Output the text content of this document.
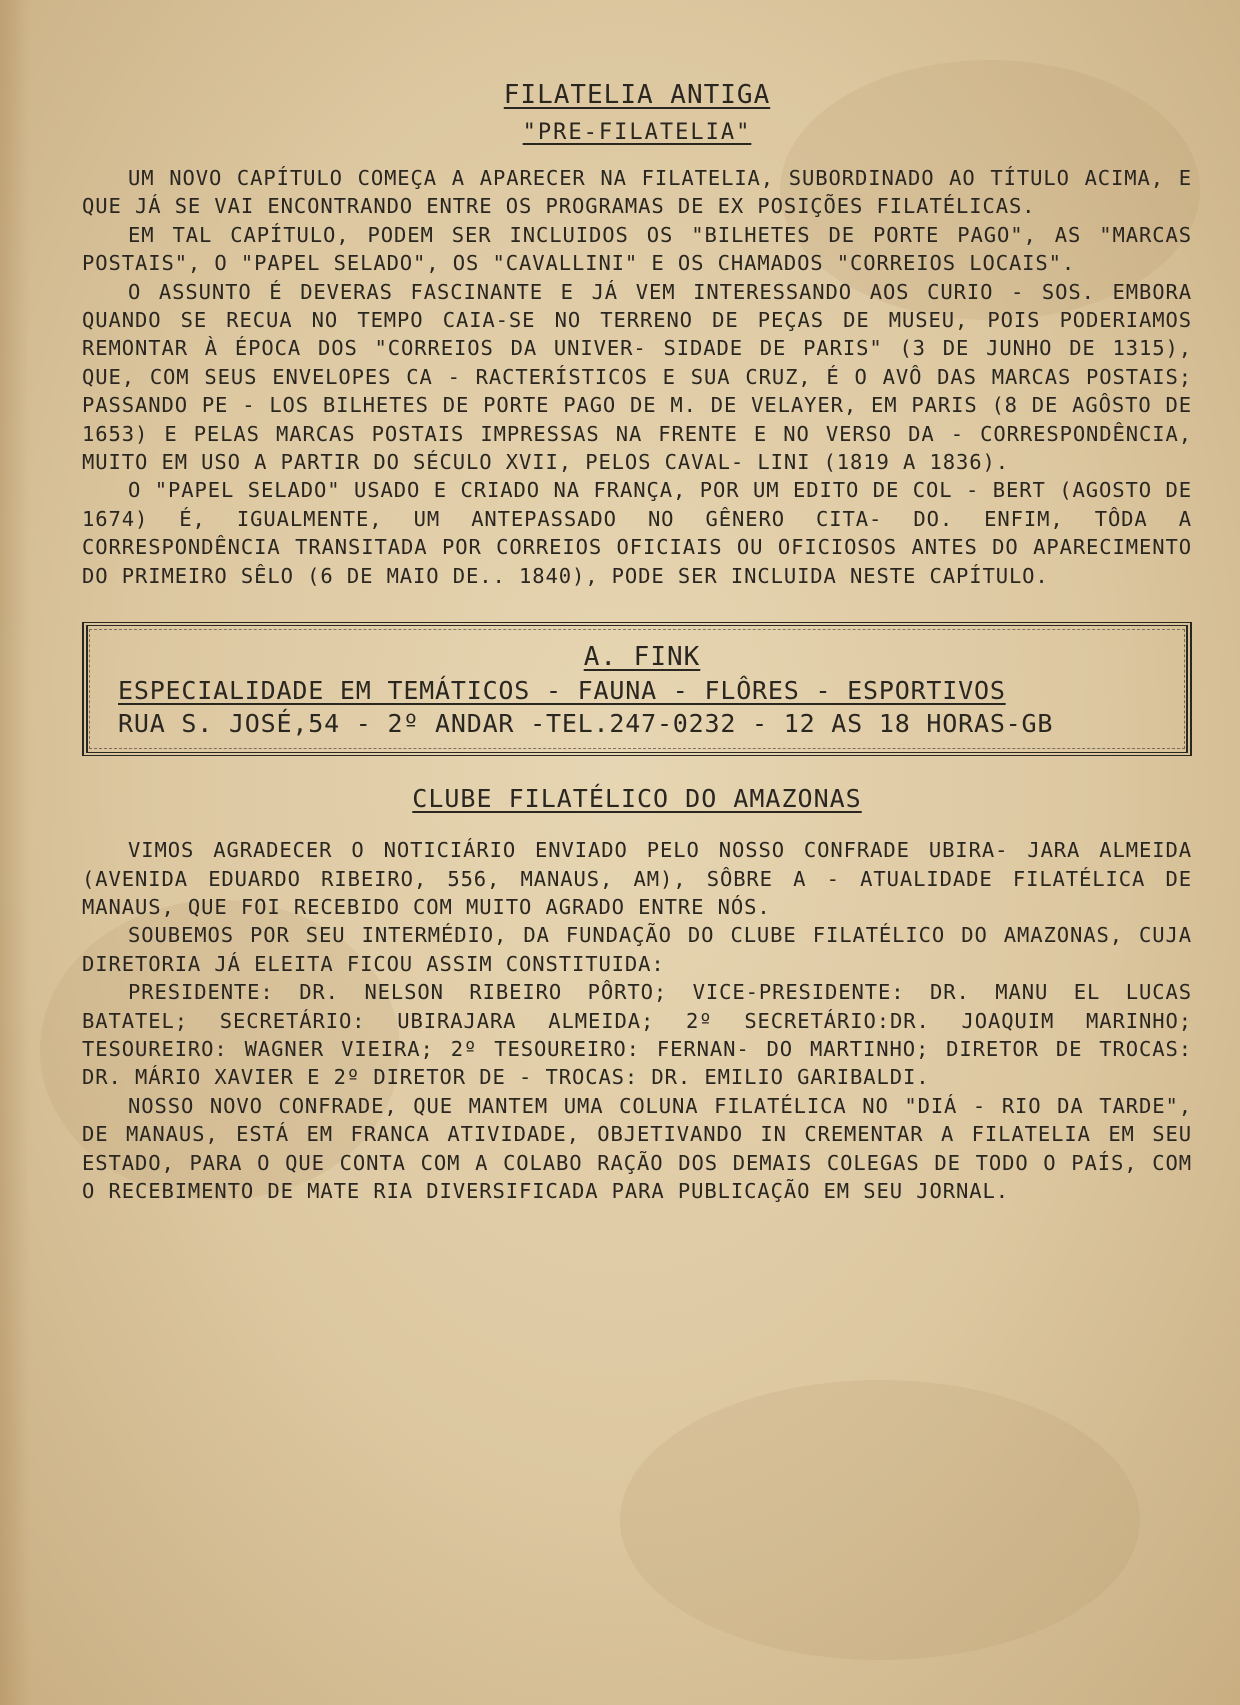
FILATELIA ANTIGA
"PRE-FILATELIA"

UM NOVO CAPÍTULO COMEÇA A APARECER NA FILATELIA, SUBORDINADO AO TÍTULO ACIMA, E QUE JÁ SE VAI ENCONTRANDO ENTRE OS PROGRAMAS DE EX POSIÇÕES FILATÉLICAS.

EM TAL CAPÍTULO, PODEM SER INCLUIDOS OS "BILHETES DE PORTE PAGO", AS "MARCAS POSTAIS", O "PAPEL SELADO", OS "CAVALLINI" E OS CHAMADOS "CORREIOS LOCAIS".

O ASSUNTO É DEVERAS FASCINANTE E JÁ VEM INTERESSANDO AOS CURIO - SOS. EMBORA QUANDO SE RECUA NO TEMPO CAIA-SE NO TERRENO DE PEÇAS DE MUSEU, POIS PODERIAMOS REMONTAR À ÉPOCA DOS "CORREIOS DA UNIVER- SIDADE DE PARIS" (3 DE JUNHO DE 1315), QUE, COM SEUS ENVELOPES CA - RACTERÍSTICOS E SUA CRUZ, É O AVÔ DAS MARCAS POSTAIS; PASSANDO PE - LOS BILHETES DE PORTE PAGO DE M. DE VELAYER, EM PARIS (8 DE AGÔSTO DE 1653) E PELAS MARCAS POSTAIS IMPRESSAS NA FRENTE E NO VERSO DA - CORRESPONDÊNCIA, MUITO EM USO A PARTIR DO SÉCULO XVII, PELOS CAVAL- LINI (1819 A 1836).

O "PAPEL SELADO" USADO E CRIADO NA FRANÇA, POR UM EDITO DE COL - BERT (AGOSTO DE 1674) É, IGUALMENTE, UM ANTEPASSADO NO GÊNERO CITA- DO. ENFIM, TÔDA A CORRESPONDÊNCIA TRANSITADA POR CORREIOS OFICIAIS OU OFICIOSOS ANTES DO APARECIMENTO DO PRIMEIRO SÊLO (6 DE MAIO DE.. 1840), PODE SER INCLUIDA NESTE CAPÍTULO.

A. FINK
ESPECIALIDADE EM TEMÁTICOS - FAUNA - FLÔRES - ESPORTIVOS
RUA S. JOSÉ,54 - 2º ANDAR -TEL.247-0232 - 12 AS 18 HORAS-GB
CLUBE FILATÉLICO DO AMAZONAS

VIMOS AGRADECER O NOTICIÁRIO ENVIADO PELO NOSSO CONFRADE UBIRA- JARA ALMEIDA (AVENIDA EDUARDO RIBEIRO, 556, MANAUS, AM), SÔBRE A - ATUALIDADE FILATÉLICA DE MANAUS, QUE FOI RECEBIDO COM MUITO AGRADO ENTRE NÓS.

SOUBEMOS POR SEU INTERMÉDIO, DA FUNDAÇÃO DO CLUBE FILATÉLICO DO AMAZONAS, CUJA DIRETORIA JÁ ELEITA FICOU ASSIM CONSTITUIDA:

PRESIDENTE: DR. NELSON RIBEIRO PÔRTO; VICE-PRESIDENTE: DR. MANU EL LUCAS BATATEL; SECRETÁRIO: UBIRAJARA ALMEIDA; 2º SECRETÁRIO:DR. JOAQUIM MARINHO; TESOUREIRO: WAGNER VIEIRA; 2º TESOUREIRO: FERNAN- DO MARTINHO; DIRETOR DE TROCAS: DR. MÁRIO XAVIER E 2º DIRETOR DE - TROCAS: DR. EMILIO GARIBALDI.

NOSSO NOVO CONFRADE, QUE MANTEM UMA COLUNA FILATÉLICA NO "DIÁ - RIO DA TARDE", DE MANAUS, ESTÁ EM FRANCA ATIVIDADE, OBJETIVANDO IN CREMENTAR A FILATELIA EM SEU ESTADO, PARA O QUE CONTA COM A COLABO RAÇÃO DOS DEMAIS COLEGAS DE TODO O PAÍS, COM O RECEBIMENTO DE MATE RIA DIVERSIFICADA PARA PUBLICAÇÃO EM SEU JORNAL.
